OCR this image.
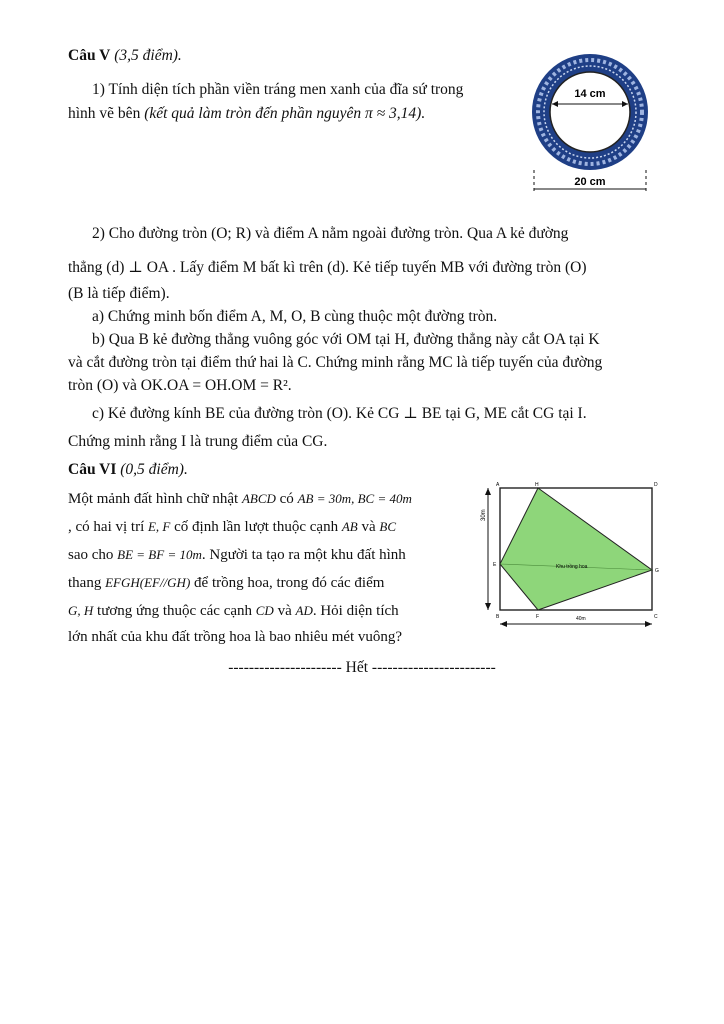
Câu V (3,5 điểm).
1) Tính diện tích phần viền tráng men xanh của đĩa sứ trong
hình vẽ bên (kết quả làm tròn đến phần nguyên π ≈ 3,14).
14 cm
20 cm
2) Cho đường tròn (O; R) và điểm A nằm ngoài đường tròn. Qua A kẻ đường
thẳng (d) ⊥ OA . Lấy điểm M bất kì trên (d). Kẻ tiếp tuyến MB với đường tròn (O)
(B là tiếp điểm).
a) Chứng minh bốn điểm A, M, O, B cùng thuộc một đường tròn.
b) Qua B kẻ đường thẳng vuông góc với OM tại H, đường thẳng này cắt OA tại K
và cắt đường tròn tại điểm thứ hai là C. Chứng minh rằng MC là tiếp tuyến của đường
tròn (O) và OK.OA = OH.OM = R².
c) Kẻ đường kính BE của đường tròn (O). Kẻ CG ⊥ BE tại G, ME cắt CG tại I.
Chứng minh rằng I là trung điểm của CG.
Câu VI (0,5 điểm).
Một mảnh đất hình chữ nhật ABCD có AB = 30m, BC = 40m
, có hai vị trí E, F cố định lần lượt thuộc cạnh AB và BC
sao cho BE = BF = 10m. Người ta tạo ra một khu đất hình
thang EFGH(EF//GH) để trồng hoa, trong đó các điểm
G, H tương ứng thuộc các cạnh CD và AD. Hỏi diện tích
lớn nhất của khu đất trồng hoa là bao nhiêu mét vuông?
Khu trồng hoa
A	H	D
G
C
F
B
E
30m
40m
---------------------- Hết ------------------------
